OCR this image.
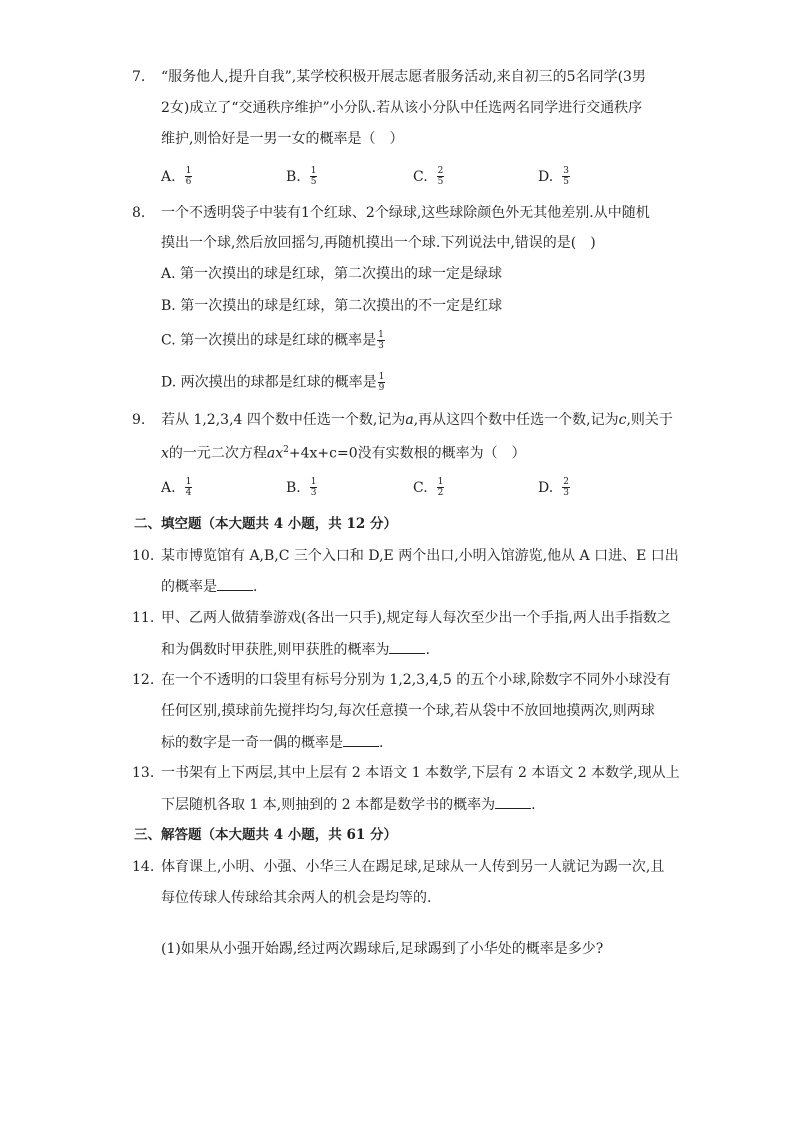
7. “服务他人,提升自我”,某学校积极开展志愿者服务活动,来自初三的5名同学(3男
2女)成立了“交通秩序维护”小分队.若从该小分队中任选两名同学进行交通秩序
维护,则恰好是一男一女的概率是（　）
A. $\frac{1}{6}$	B. $\frac{1}{5}$	C. $\frac{2}{5}$	D. $\frac{3}{5}$
8. 一个不透明袋子中装有1个红球、2个绿球,这些球除颜色外无其他差别.从中随机
摸出一个球,然后放回摇匀,再随机摸出一个球.下列说法中,错误的是(　)
A. 第一次摸出的球是红球，第二次摸出的球一定是绿球
B. 第一次摸出的球是红球，第二次摸出的不一定是红球
C. 第一次摸出的球是红球的概率是 $\frac{1}{3}$
D. 两次摸出的球都是红球的概率是 $\frac{1}{9}$
9. 若从 1,2,3,4 四个数中任选一个数,记为a,再从这四个数中任选一个数,记为c,则关于
x的一元二次方程$ax^2+4x+c=0$没有实数根的概率为（　）
A. $\frac{1}{4}$	B. $\frac{1}{3}$	C. $\frac{1}{2}$	D. $\frac{2}{3}$
二、填空题（本大题共 4 小题，共 12 分）
10. 某市博览馆有 A,B,C 三个入口和 D,E 两个出口,小明入馆游览,他从 A 口进、E 口出
的概率是	.
11. 甲、乙两人做猜拳游戏(各出一只手),规定每人每次至少出一个手指,两人出手指数之
和为偶数时甲获胜,则甲获胜的概率为	.
12. 在一个不透明的口袋里有标号分别为 1,2,3,4,5 的五个小球,除数字不同外小球没有
任何区别,摸球前先搅拌均匀,每次任意摸一个球,若从袋中不放回地摸两次,则两球
标的数字是一奇一偶的概率是	.
13. 一书架有上下两层,其中上层有 2 本语文 1 本数学,下层有 2 本语文 2 本数学,现从上
下层随机各取 1 本,则抽到的 2 本都是数学书的概率为	.
三、解答题（本大题共 4 小题，共 61 分）
14. 体育课上,小明、小强、小华三人在踢足球,足球从一人传到另一人就记为踢一次,且
每位传球人传球给其余两人的机会是均等的.
(1)如果从小强开始踢,经过两次踢球后,足球踢到了小华处的概率是多少?
